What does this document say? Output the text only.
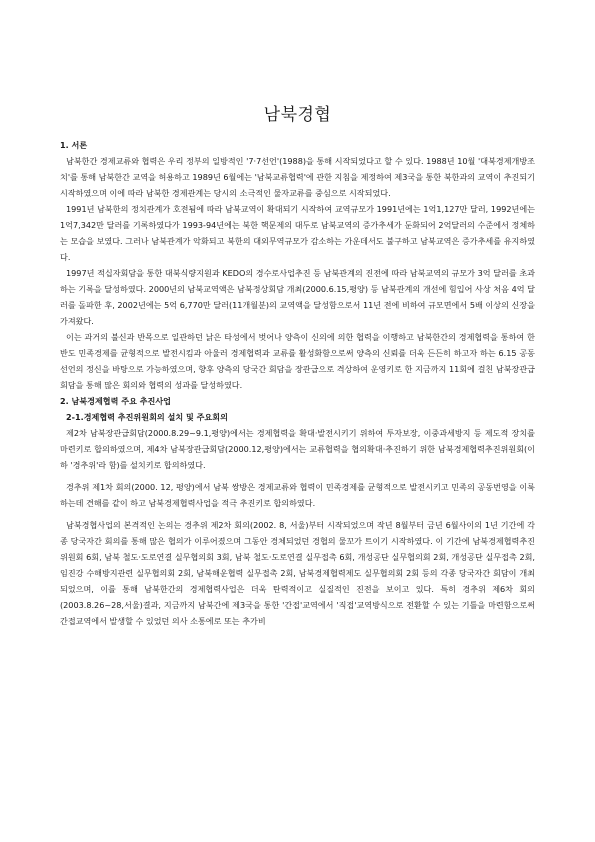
남북경협

1. 서론

남북한간 경제교류와 협력은 우리 정부의 일방적인 '7·7선언'(1988)을 통해 시작되었다고 할 수 있다. 1988년 10월 '대북경제개방조치'를 통해 남북한간 교역을 허용하고 1989년 6월에는 '남북교류협력'에 관한 지침을 제정하여 제3국을 통한 북한과의 교역이 추진되기 시작하였으며 이에 따라 남북한 경제관계는 당시의 소극적인 물자교류를 중심으로 시작되었다.

1991년 남북한의 정치관계가 호전됨에 따라 남북교역이 확대되기 시작하여 교역규모가 1991년에는 1억1,127만 달러, 1992년에는 1억7,342만 달러를 기록하였다가 1993-94년에는 북한 핵문제의 대두로 남북교역의 증가추세가 둔화되어 2억달러의 수준에서 정체하는 모습을 보였다. 그러나 남북관계가 악화되고 북한의 대외무역규모가 감소하는 가운데서도 불구하고 남북교역은 증가추세를 유지하였다.

1997년 적십자회담을 통한 대북식량지원과 KEDO의 경수로사업추진 등 남북관계의 진전에 따라 남북교역의 규모가 3억 달러를 초과하는 기록을 달성하였다. 2000년의 남북교역액은 남북정상회담 개최(2000.6.15,평양) 등 남북관계의 개선에 힘입어 사상 처음 4억 달러를 돌파한 후, 2002년에는 5억 6,770만 달러(11개월분)의 교역액을 달성함으로서 11년 전에 비하여 규모면에서 5배 이상의 신장을 가져왔다.

이는 과거의 불신과 반목으로 일관하던 낡은 타성에서 벗어나 양측이 신의에 의한 협력을 이행하고 남북한간의 경제협력을 통하여 한반도 민족경제를 균형적으로 발전시킴과 아울러 경제협력과 교류를 활성화함으로써 양측의 신뢰를 더욱 든든히 하고자 하는 6.15 공동선언의 정신을 바탕으로 가능하였으며, 향후 양측의 당국간 회담을 장관급으로 격상하여 운영키로 한 지금까지 11회에 걸친 남북장관급회담을 통해 많은 회의와 협력의 성과를 달성하였다.

2. 남북경제협력 주요 추진사업

2-1.경제협력 추진위원회의 설치 및 주요회의

제2차 남북장관급회담(2000.8.29~9.1,평양)에서는 경제협력을 확대·발전시키기 위하여 투자보장, 이중과세방지 등 제도적 장치를 마련키로 합의하였으며, 제4차 남북장관급회담(2000.12,평양)에서는 교류협력을 협의확대·추진하기 위한 남북경제협력추진위원회(이하 '경추위'라 함)를 설치키로 합의하였다.

경추위 제1차 회의(2000. 12, 평양)에서 남북 쌍방은 경제교류와 협력이 민족경제를 균형적으로 발전시키고 민족의 공동번영을 이룩하는데 견해를 같이 하고 남북경제협력사업을 적극 추진키로 합의하였다.

남북경협사업의 본격적인 논의는 경추위 제2차 회의(2002. 8, 서울)부터 시작되었으며 작년 8월부터 금년 6월사이의 1년 기간에 각종 당국자간 회의를 통해 많은 협의가 이루어졌으며 그동안 경체되었던 경협의 물꼬가 트이기 시작하였다. 이 기간에 남북경제협력추진위원회 6회, 남북 철도·도로연결 실무협의회 3회, 남북 철도·도로연결 실무접촉 6회, 개성공단 실무협의회 2회, 개성공단 실무접촉 2회, 임진강 수해방지관련 실무협의회 2회, 남북해운협력 실무접촉 2회, 남북경제협력제도 실무협의회 2회 등의 각종 당국자간 회담이 개최되었으며, 이를 통해 남북한간의 경제협력사업은 더욱 탄력적이고 실질적인 진전을 보이고 있다. 특히 경추위 제6차 회의(2003.8.26~28,서울)결과, 지금까지 남북간에 제3국을 통한 '간접'교역에서 '직접'교역방식으로 전환할 수 있는 기틀을 마련함으로써 간접교역에서 발생할 수 있었던 의사 소통에로 또는 추가비
